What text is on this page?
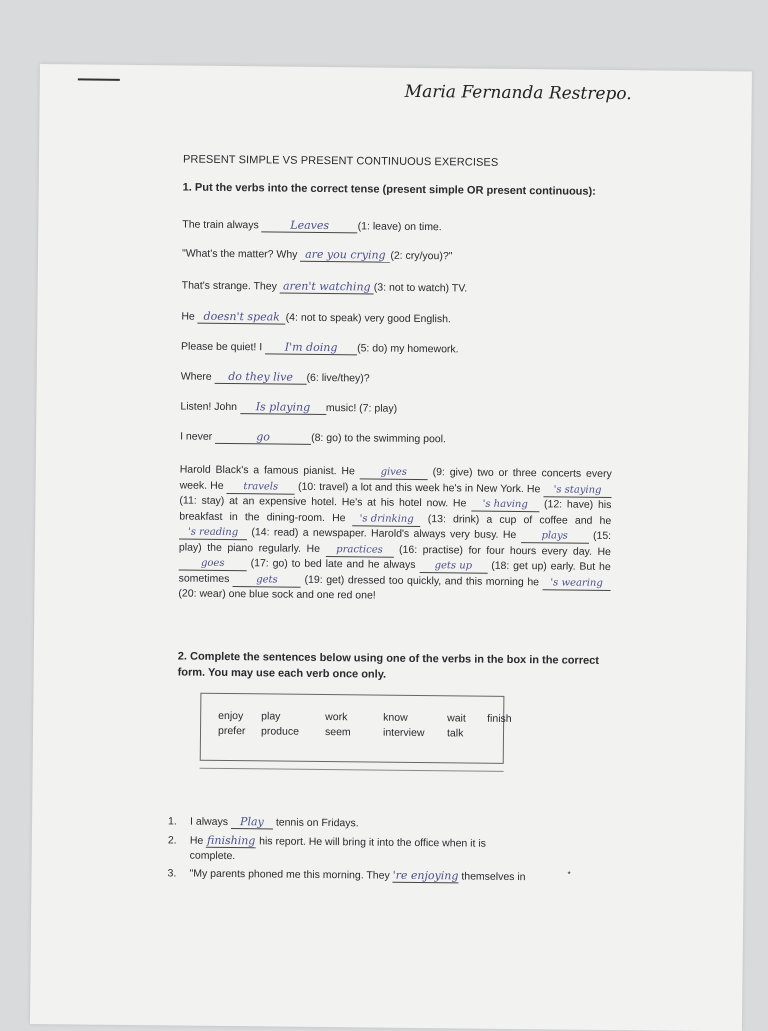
Maria Fernanda Restrepo.
PRESENT SIMPLE VS PRESENT CONTINUOUS EXERCISES
1. Put the verbs into the correct tense (present simple OR present continuous):
The train always	Leaves	(1: leave) on time.
"What's the matter? Why are you crying (2: cry/you)?"
That's strange. They aren't watching (3: not to watch) TV.
He doesn't speak (4: not to speak) very good English.
Please be quiet! I I'm doing (5: do) my homework.
Where do they live (6: live/they)?
Listen! John Is playing music! (7: play)
I never	go	(8: go) to the swimming pool.
Harold Black's a famous pianist. He	gives (9: give) two or three concerts every week. He travels (10: travel) a lot and this week he's in New York. He 's staying (11: stay) at an expensive hotel. He's at his hotel now. He 's having (12: have) his breakfast in the dining-room. He 's drinking (13: drink) a cup of coffee and he 's reading (14: read) a newspaper. Harold's always very busy. He	plays (15: play) the piano regularly. He practices (16: practise) for four hours every day. He goes (17: go) to bed late and he always gets up (18: get up) early. But he sometimes	gets	(19: get) dressed too quickly, and this morning he 's wearing (20: wear) one blue sock and one red one!
2. Complete the sentences below using one of the verbs in the box in the correct form. You may use each verb once only.
enjoy	play	work	know	wait	finish
prefer	produce	seem	interview	talk
1. I always Play tennis on Fridays.
2. He finishing his report. He will bring it into the office when it is
complete.
3. "My parents phoned me this morning. They 're enjoying themselves in	*
